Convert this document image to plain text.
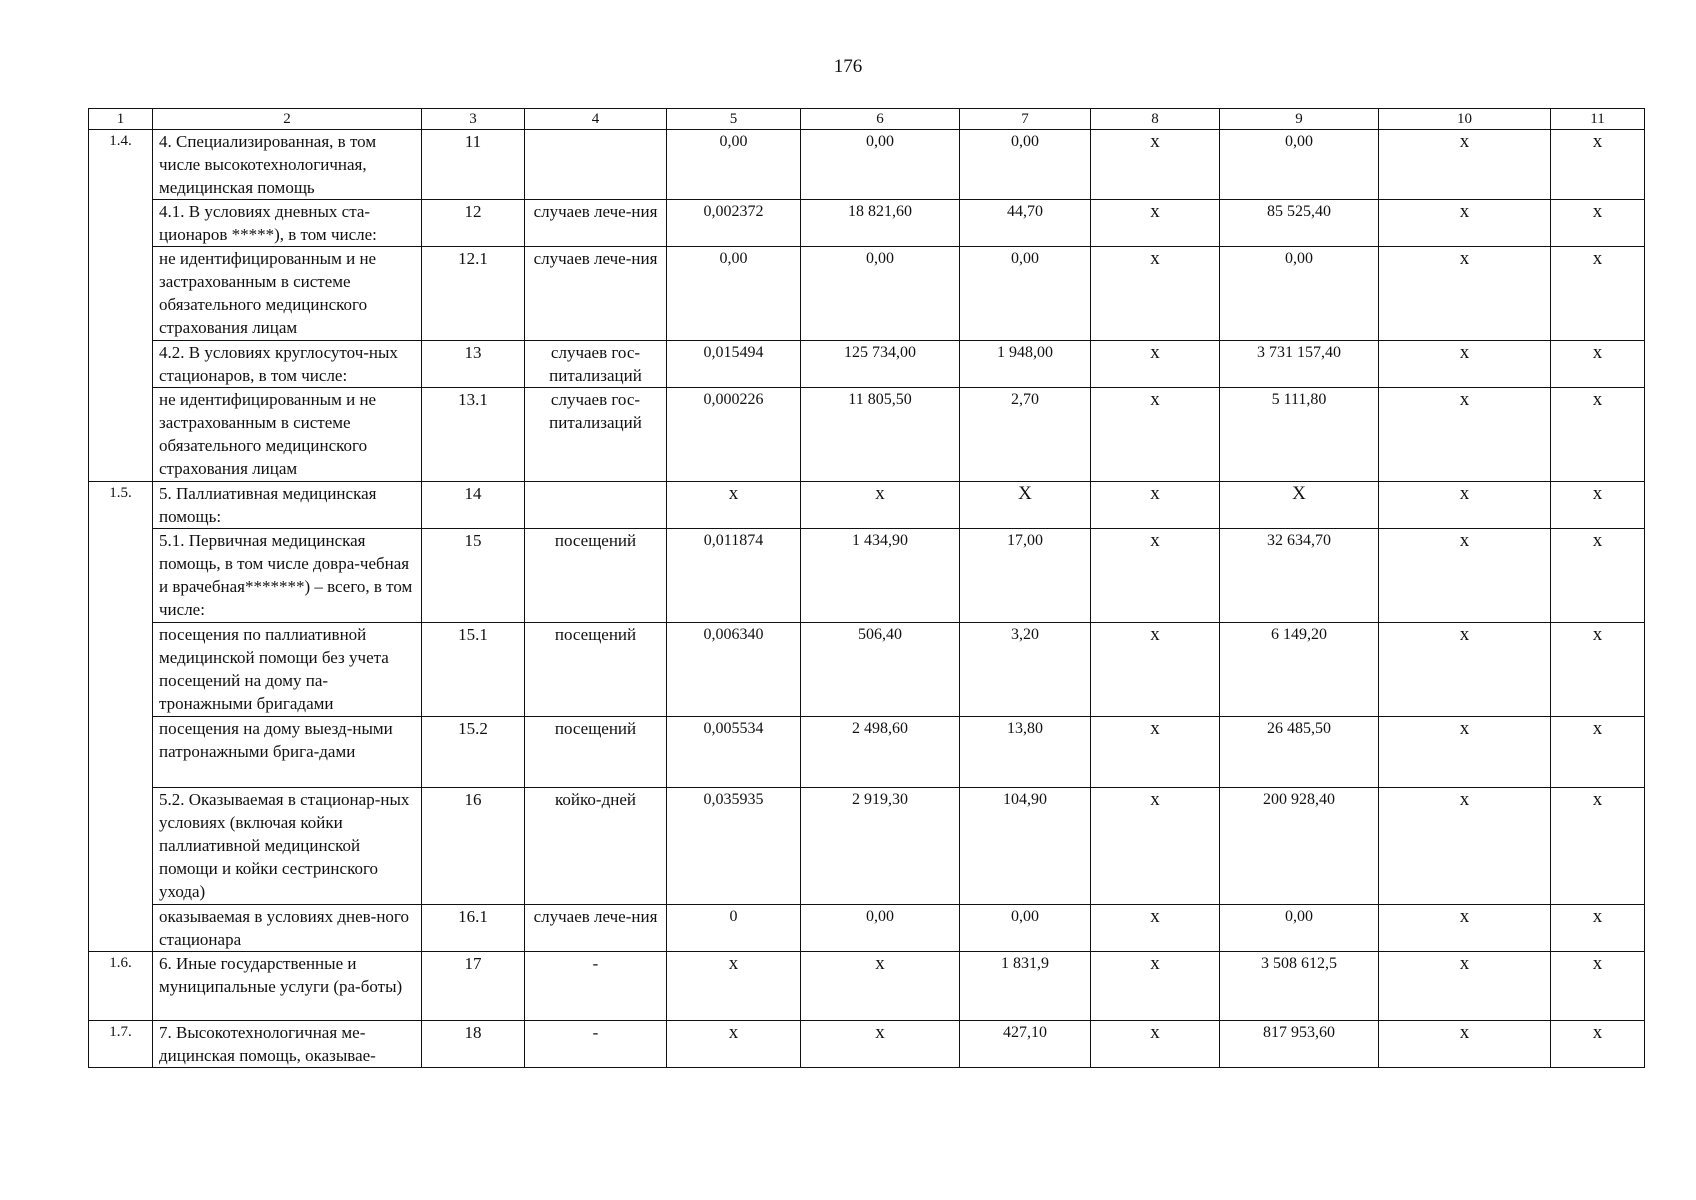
176
1	2	3	4	5	6	7	8	9	10	11
1.4.	4. Специализированная, в том числе высокотехнологичная, медицинская помощь	11		0,00	0,00	0,00	х	0,00	х	х
	4.1. В условиях дневных ста-ционаров *****), в том числе:	12	случаев лече-ния	0,002372	18 821,60	44,70	х	85 525,40	х	х
	не идентифицированным и не застрахованным в системе обязательного медицинского страхования лицам	12.1	случаев лече-ния	0,00	0,00	0,00	х	0,00	х	х
	4.2. В условиях круглосуточ-ных стационаров, в том числе:	13	случаев гос-питализаций	0,015494	125 734,00	1 948,00	х	3 731 157,40	х	х
	не идентифицированным и не застрахованным в системе обязательного медицинского страхования лицам	13.1	случаев гос-питализаций	0,000226	11 805,50	2,70	х	5 111,80	х	х
1.5.	5. Паллиативная медицинская помощь:	14		х	х	Х	х	Х	х	х
	5.1. Первичная медицинская помощь, в том числе довра-чебная и врачебная*******) – всего, в том числе:	15	посещений	0,011874	1 434,90	17,00	х	32 634,70	х	х
	посещения по паллиативной медицинской помощи без учета посещений на дому па-тронажными бригадами	15.1	посещений	0,006340	506,40	3,20	х	6 149,20	х	х
	посещения на дому выезд-ными патронажными брига-дами	15.2	посещений	0,005534	2 498,60	13,80	х	26 485,50	х	х
	5.2. Оказываемая в стационар-ных условиях (включая койки паллиативной медицинской помощи и койки сестринского ухода)	16	койко-дней	0,035935	2 919,30	104,90	х	200 928,40	х	х
	оказываемая в условиях днев-ного стационара	16.1	случаев лече-ния	0	0,00	0,00	х	0,00	х	х
1.6.	6. Иные государственные и муниципальные услуги (ра-боты)	17	-	х	х	1 831,9	х	3 508 612,5	х	х
1.7.	7. Высокотехнологичная ме-дицинская помощь, оказывае-	18	-	х	х	427,10	х	817 953,60	х	х
